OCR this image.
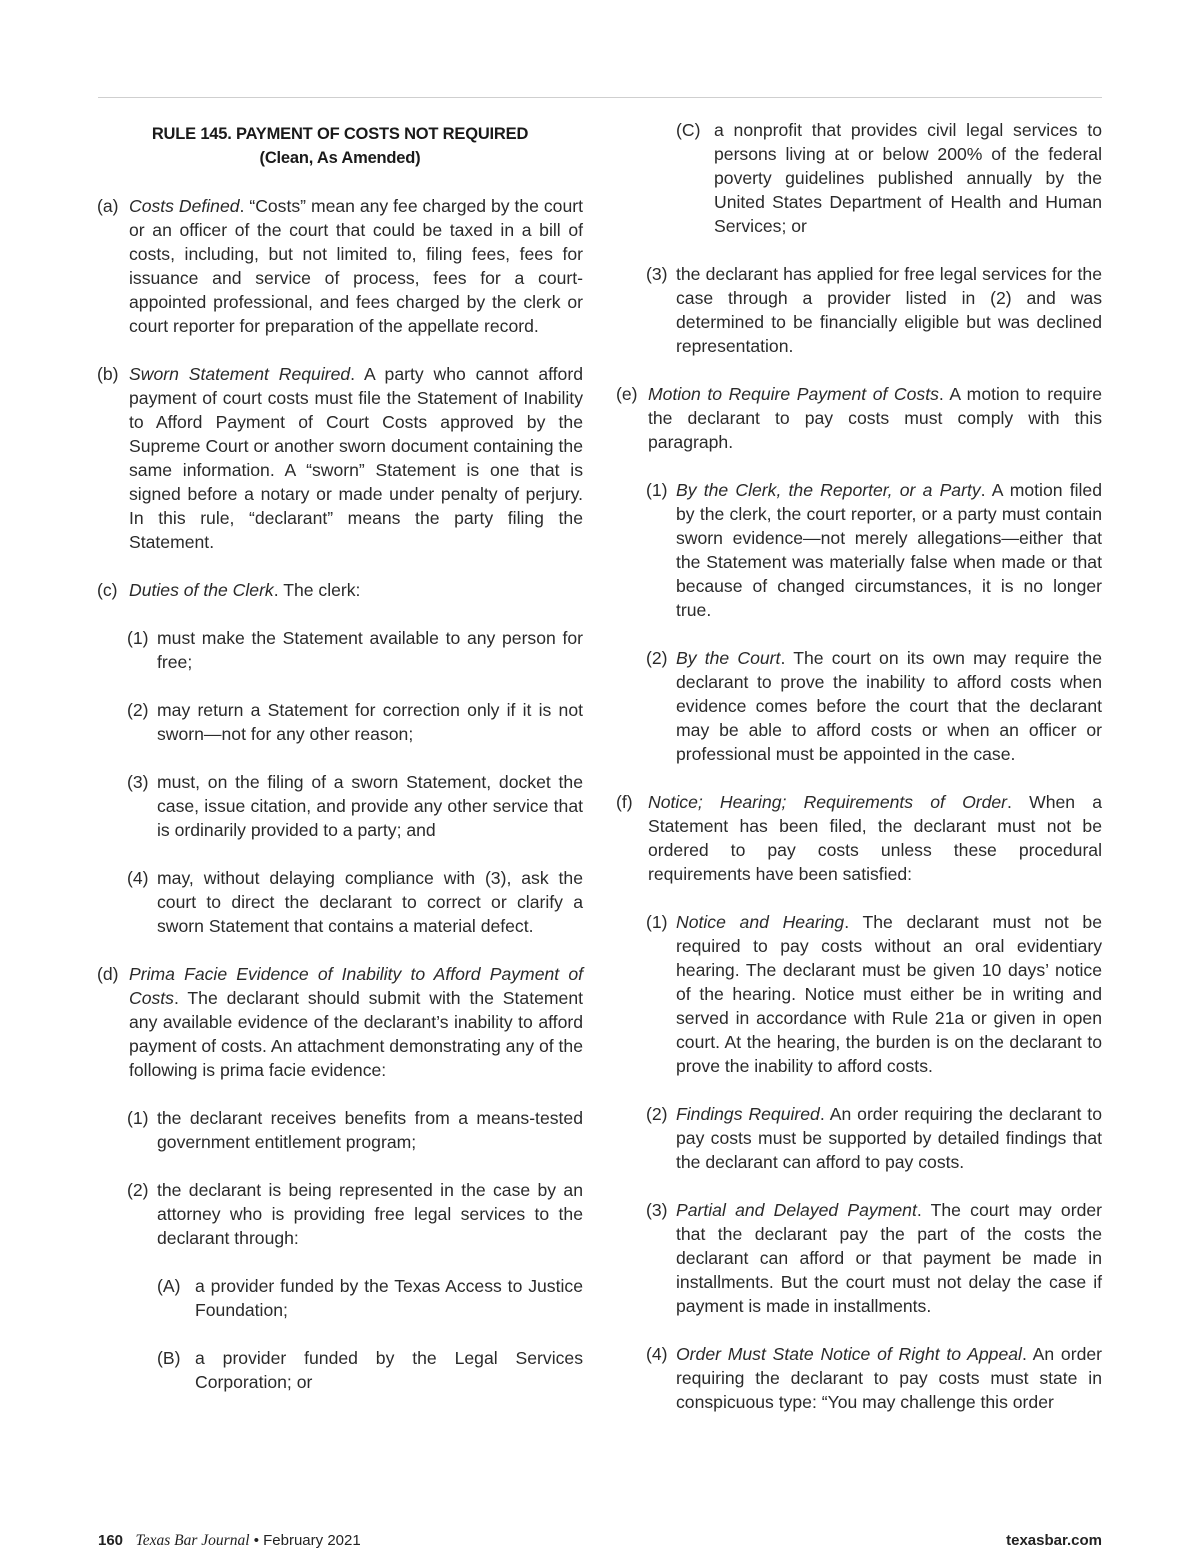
RULE 145. PAYMENT OF COSTS NOT REQUIRED
(Clean, As Amended)
(a) Costs Defined. “Costs” mean any fee charged by the court or an officer of the court that could be taxed in a bill of costs, including, but not limited to, filing fees, fees for issuance and service of process, fees for a court-appointed professional, and fees charged by the clerk or court reporter for preparation of the appellate record.
(b) Sworn Statement Required. A party who cannot afford payment of court costs must file the Statement of Inability to Afford Payment of Court Costs approved by the Supreme Court or another sworn document containing the same information. A “sworn” Statement is one that is signed before a notary or made under penalty of perjury. In this rule, “declarant” means the party filing the Statement.
(c) Duties of the Clerk. The clerk:
(1) must make the Statement available to any person for free;
(2) may return a Statement for correction only if it is not sworn—not for any other reason;
(3) must, on the filing of a sworn Statement, docket the case, issue citation, and provide any other service that is ordinarily provided to a party; and
(4) may, without delaying compliance with (3), ask the court to direct the declarant to correct or clarify a sworn Statement that contains a material defect.
(d) Prima Facie Evidence of Inability to Afford Payment of Costs. The declarant should submit with the Statement any available evidence of the declarant’s inability to afford payment of costs. An attachment demonstrating any of the following is prima facie evidence:
(1) the declarant receives benefits from a means-tested government entitlement program;
(2) the declarant is being represented in the case by an attorney who is providing free legal services to the declarant through:
(A) a provider funded by the Texas Access to Justice Foundation;
(B) a provider funded by the Legal Services Corporation; or
(C) a nonprofit that provides civil legal services to persons living at or below 200% of the federal poverty guidelines published annually by the United States Department of Health and Human Services; or
(3) the declarant has applied for free legal services for the case through a provider listed in (2) and was determined to be financially eligible but was declined representation.
(e) Motion to Require Payment of Costs. A motion to require the declarant to pay costs must comply with this paragraph.
(1) By the Clerk, the Reporter, or a Party. A motion filed by the clerk, the court reporter, or a party must contain sworn evidence—not merely allegations—either that the Statement was materially false when made or that because of changed circumstances, it is no longer true.
(2) By the Court. The court on its own may require the declarant to prove the inability to afford costs when evidence comes before the court that the declarant may be able to afford costs or when an officer or professional must be appointed in the case.
(f) Notice; Hearing; Requirements of Order. When a Statement has been filed, the declarant must not be ordered to pay costs unless these procedural requirements have been satisfied:
(1) Notice and Hearing. The declarant must not be required to pay costs without an oral evidentiary hearing. The declarant must be given 10 days’ notice of the hearing. Notice must either be in writing and served in accordance with Rule 21a or given in open court. At the hearing, the burden is on the declarant to prove the inability to afford costs.
(2) Findings Required. An order requiring the declarant to pay costs must be supported by detailed findings that the declarant can afford to pay costs.
(3) Partial and Delayed Payment. The court may order that the declarant pay the part of the costs the declarant can afford or that payment be made in installments. But the court must not delay the case if payment is made in installments.
(4) Order Must State Notice of Right to Appeal. An order requiring the declarant to pay costs must state in conspicuous type: “You may challenge this order
160 Texas Bar Journal • February 2021	texasbar.com
